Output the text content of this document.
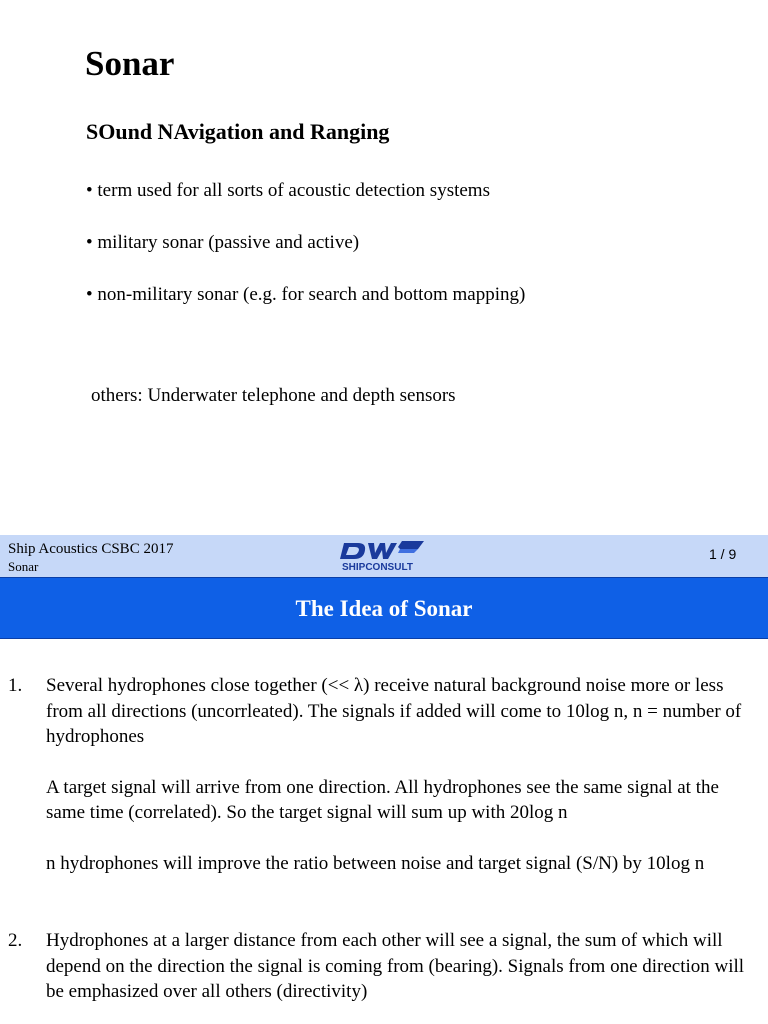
Sonar
SOund NAvigation and Ranging

• term used for all sorts of acoustic detection systems

• military sonar (passive and active)

• non-military sonar (e.g. for search and bottom mapping)

others: Underwater telephone and depth sensors

Ship Acoustics CSBC 2017
Sonar	SHIPCONSULT
1 / 9
The Idea of Sonar
1. Several hydrophones close together (<< λ) receive natural background noise more or less from all directions (uncorrleated). The signals if added will come to 10log n, n = number of hydrophones

A target signal will arrive from one direction. All hydrophones see the same signal at the same time (correlated). So the target signal will sum up with 20log n

n hydrophones will improve the ratio between noise and target signal (S/N) by 10log n

2. Hydrophones at a larger distance from each other will see a signal, the sum of which will depend on the direction the signal is coming from (bearing). Signals from one direction will be emphasized over all others (directivity)
